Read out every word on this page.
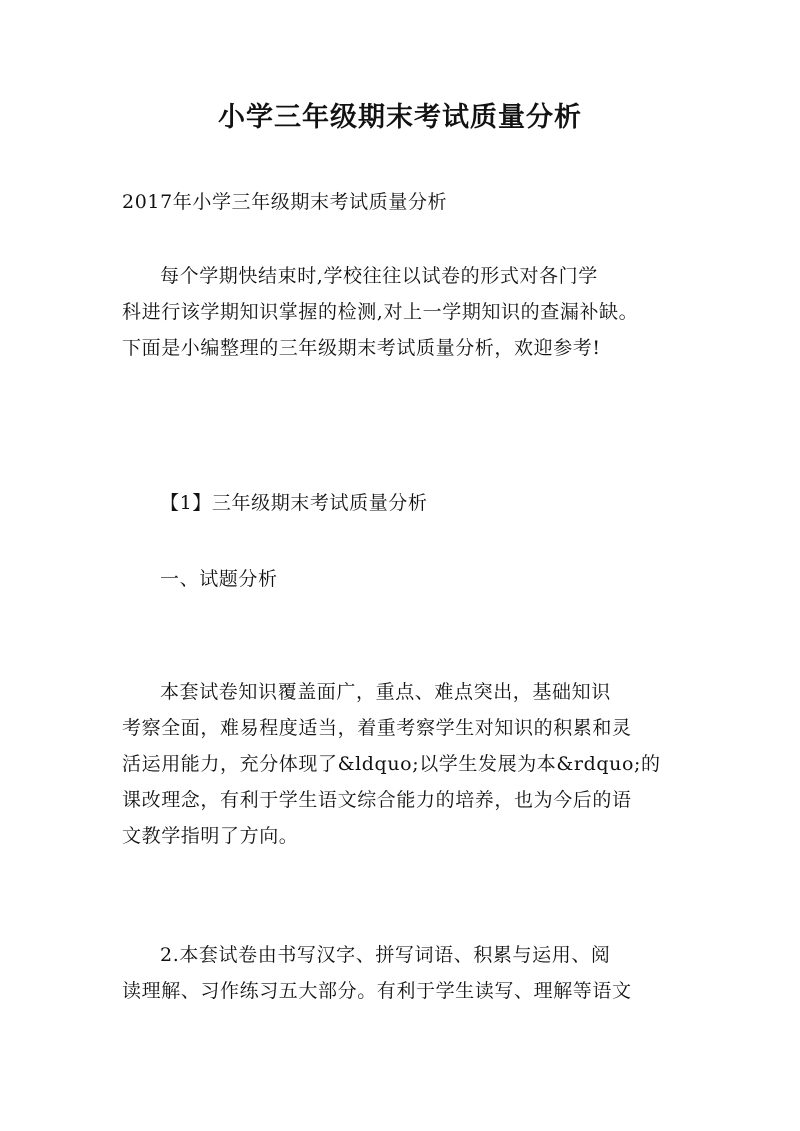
小学三年级期末考试质量分析

2017年小学三年级期末考试质量分析

每个学期快结束时,学校往往以试卷的形式对各门学
科进行该学期知识掌握的检测,对上一学期知识的查漏补缺。
下面是小编整理的三年级期末考试质量分析，欢迎参考!

【1】三年级期末考试质量分析

一、试题分析

本套试卷知识覆盖面广，重点、难点突出，基础知识
考察全面，难易程度适当，着重考察学生对知识的积累和灵
活运用能力，充分体现了&ldquo;以学生发展为本&rdquo;的
课改理念，有利于学生语文综合能力的培养，也为今后的语
文教学指明了方向。

2.本套试卷由书写汉字、拼写词语、积累与运用、阅
读理解、习作练习五大部分。有利于学生读写、理解等语文
